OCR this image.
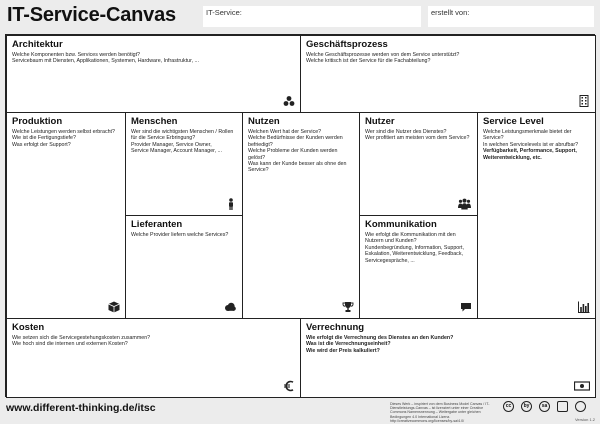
IT-Service-Canvas	IT-Service:	erstellt von:
Architektur

Welche Komponenten bzw. Services werden benötigt?

Servicebaum mit Diensten, Applikationen, Systemen, Hardware, Infrastruktur, ...

Geschäftsprozess

Welche Geschäftsprozesse werden von dem Service unterstützt?

Welche kritisch ist der Service für die Fachabteilung?

Produktion

Welche Leistungen werden selbst erbracht?

Wie ist die Fertigungstiefe?

Was erfolgt der Support?

Menschen

Wer sind die wichtigsten Menschen / Rollen für die Service Erbringung?

Provider Manager, Service Owner,

Service Manager, Account Manager, ...

Lieferanten

Welche Provider liefern welche Services?

Nutzen

Welchen Wert hat der Service?

Welche Bedürfnisse der Kunden werden befriedigt?

Welche Probleme der Kunden werden gelöst?

Was kann der Kunde besser als ohne den Service?

Nutzer

Wer sind die Nutzer des Dienstes?

Wer profitiert am meisten vom dem Service?

Kommunikation

Wie erfolgt die Kommunikation mit den Nutzern und Kunden?

Kundenbegründung, Information, Support, Eskalation, Weiterentwicklung, Feedback, Servicegespräche, ...

Service Level

Welche Leistungsmerkmale bietet der Service?

In welchen Servicelevels ist er abrufbar?

Verfügbarkeit, Performance, Support, Weiterentwicklung, etc.

Kosten

Wie setzen sich die Servicegestehungskosten zusammen?

Wie hoch sind die internen und externen Kosten?

Verrechnung

Wie erfolgt die Verrechnung des Dienstes an den Kunden?

Was ist die Verrechnungseinheit?

Wie wird der Preis kalkuliert?

www.different-thinking.de/itsc	Dieses Werk – inspiriert von dem Business Model Canvas / IT-Dienstleistungs-Canvas – ist lizenziert unter einer Creative Commons Namensnennung – Weitergabe unter gleichen Bedingungen 4.0 International Lizenz. http://creativecommons.org/licenses/by-sa/4.0/
cc	by	sa
Version 1.2
